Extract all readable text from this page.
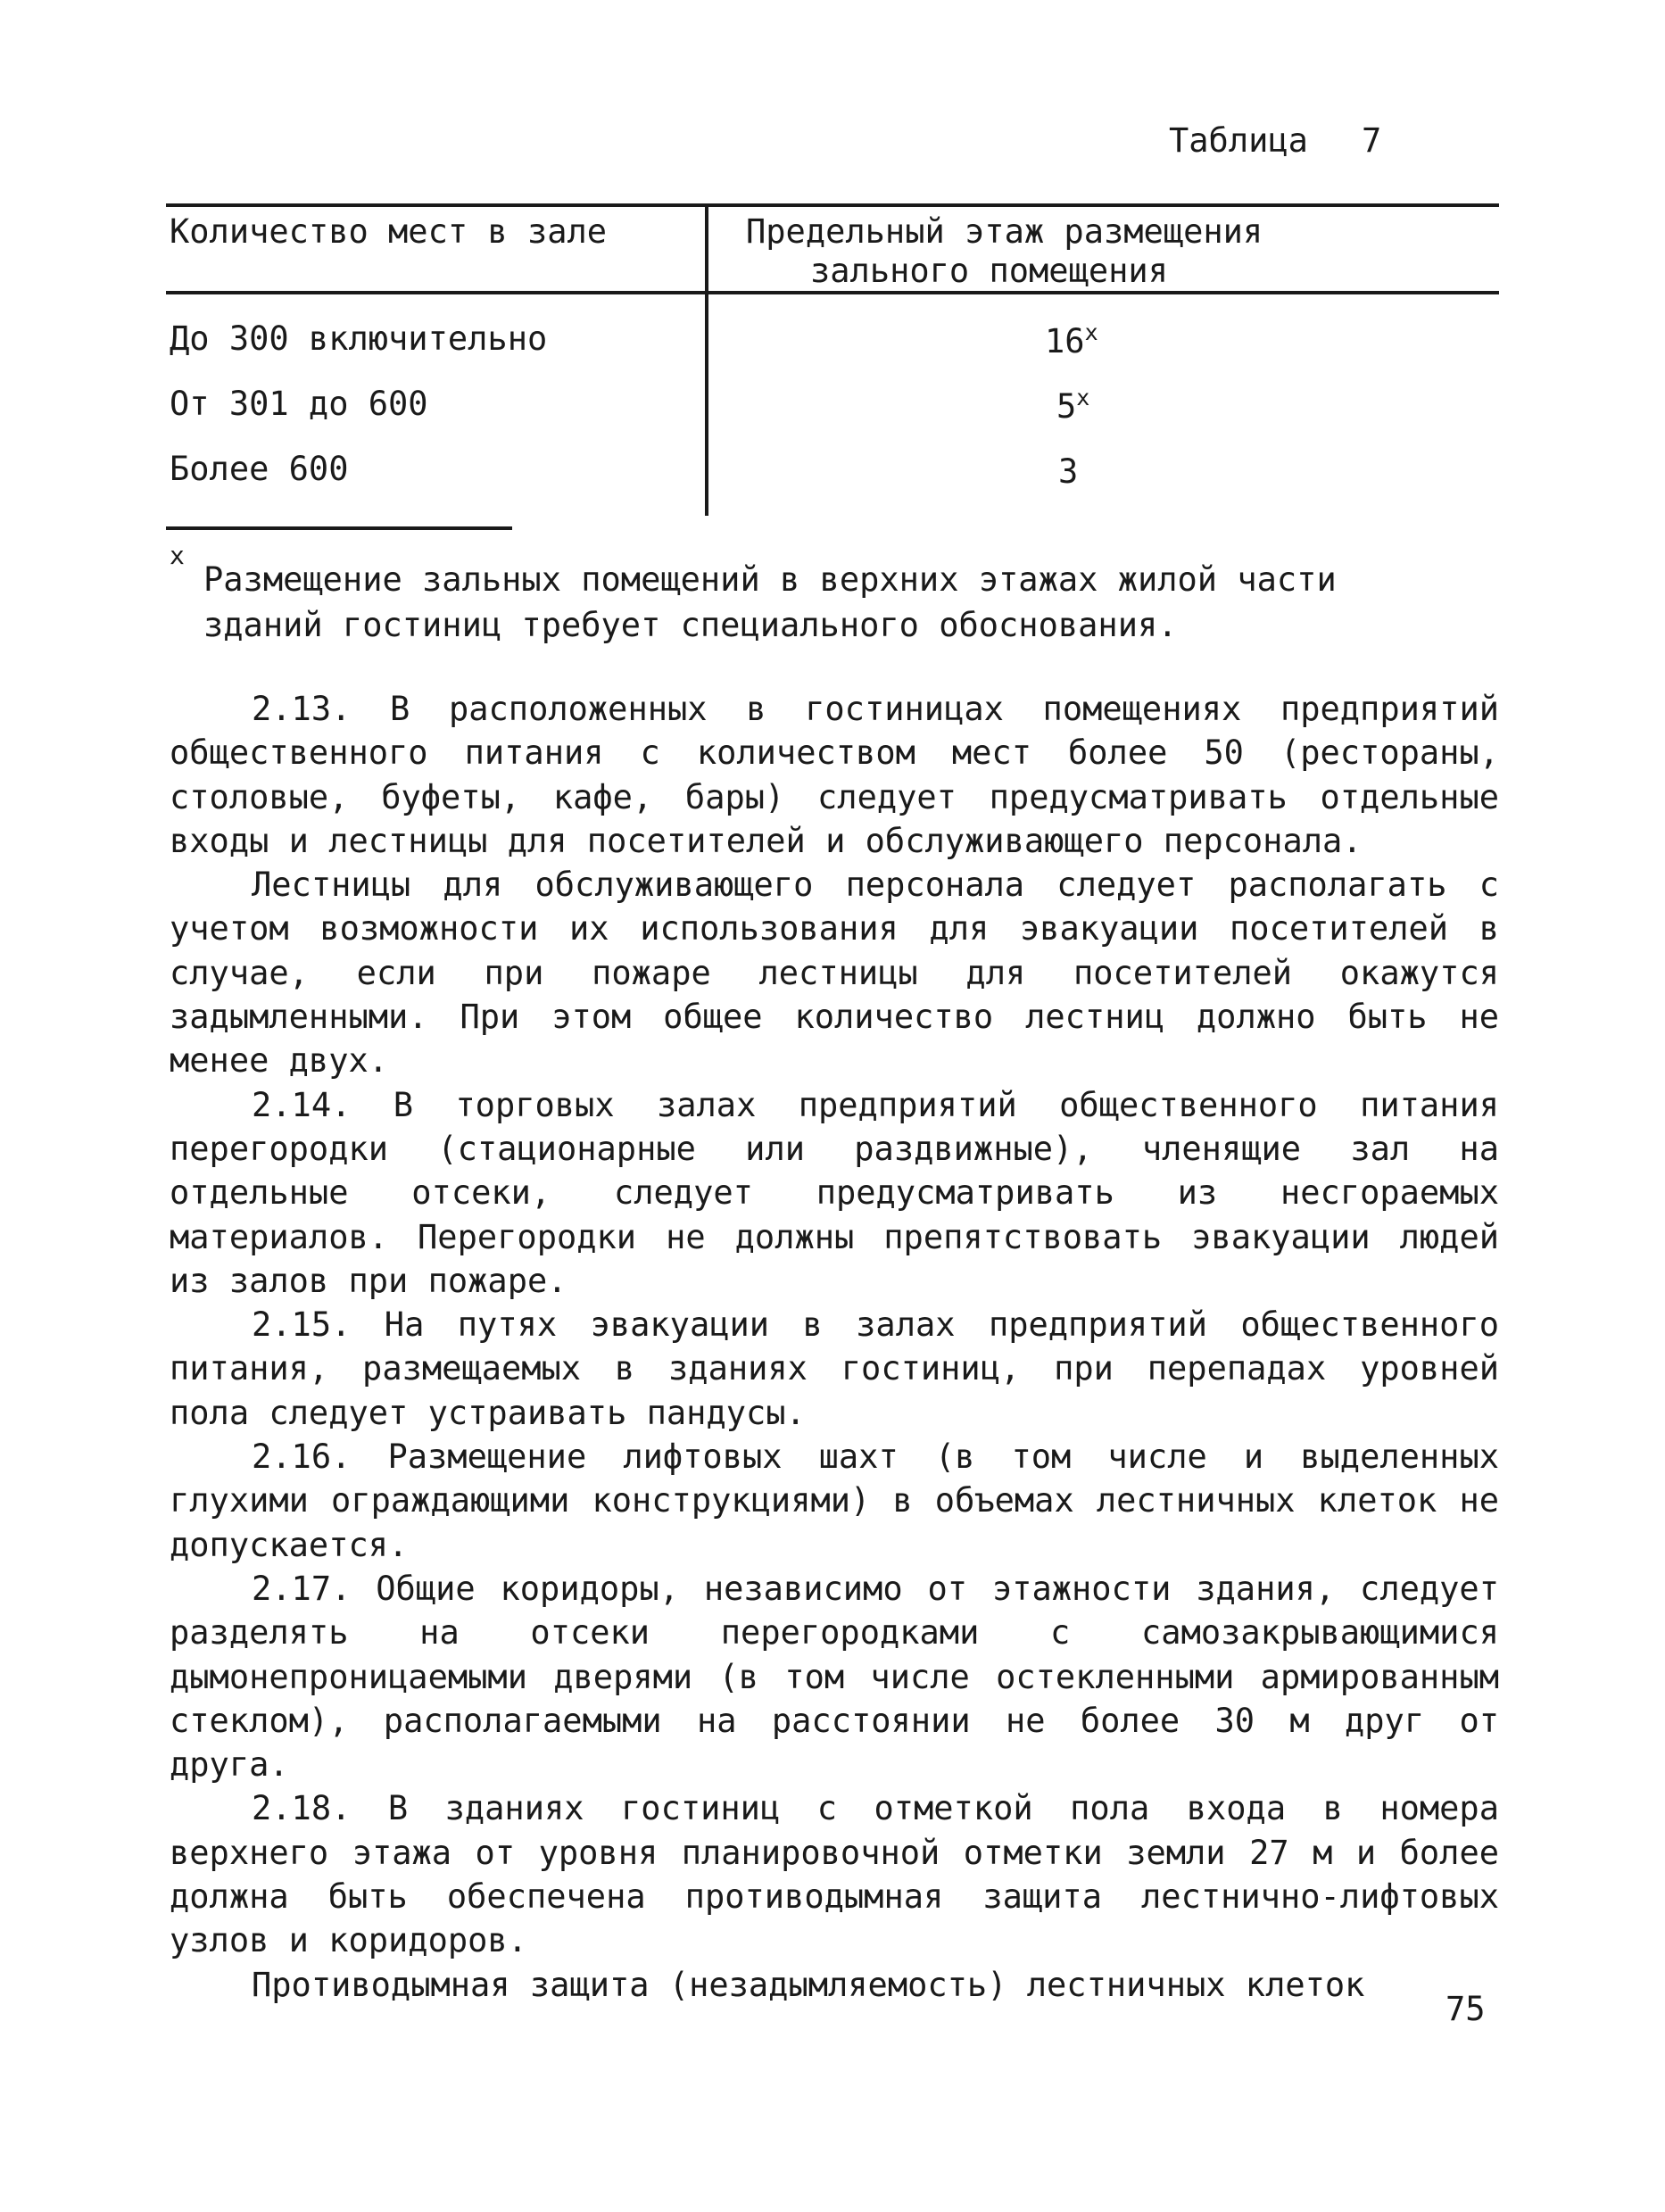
Таблица 7
Количество мест в зале	Предельный этаж размещения
зального помещения
До 300 включительно	16$^x$
От 301 до 600	5$^x$
Более 600	3
x
Размещение зальных помещений в верхних этажах жилой части зданий гостиниц требует специального обоснования.

2.13. В расположенных в гостиницах помещениях предприятий общественного питания с количеством мест более 50 (рестораны, столовые, буфеты, кафе, бары) следует предусматривать отдельные входы и лестницы для посетителей и обслуживающего персонала.

Лестницы для обслуживающего персонала следует располагать с учетом возможности их использования для эвакуации посетителей в случае, если при пожаре лестницы для посетителей окажутся задымленными. При этом общее количество лестниц должно быть не менее двух.

2.14. В торговых залах предприятий общественного питания перегородки (стационарные или раздвижные), членящие зал на отдельные отсеки, следует предусматривать из несгораемых материалов. Перегородки не должны препятствовать эвакуации людей из залов при пожаре.

2.15. На путях эвакуации в залах предприятий общественного питания, размещаемых в зданиях гостиниц, при перепадах уровней пола следует устраивать пандусы.

2.16. Размещение лифтовых шахт (в том числе и выделенных глухими ограждающими конструкциями) в объемах лестничных клеток не допускается.

2.17. Общие коридоры, независимо от этажности здания, следует разделять на отсеки перегородками с самозакрывающимися дымонепроницаемыми дверями (в том числе остекленными армированным стеклом), располагаемыми на расстоянии не более 30 м друг от друга.

2.18. В зданиях гостиниц с отметкой пола входа в номера верхнего этажа от уровня планировочной отметки земли 27 м и более должна быть обеспечена противодымная защита лестнично-лифтовых узлов и коридоров.

Противодымная защита (незадымляемость) лестничных клеток

75
